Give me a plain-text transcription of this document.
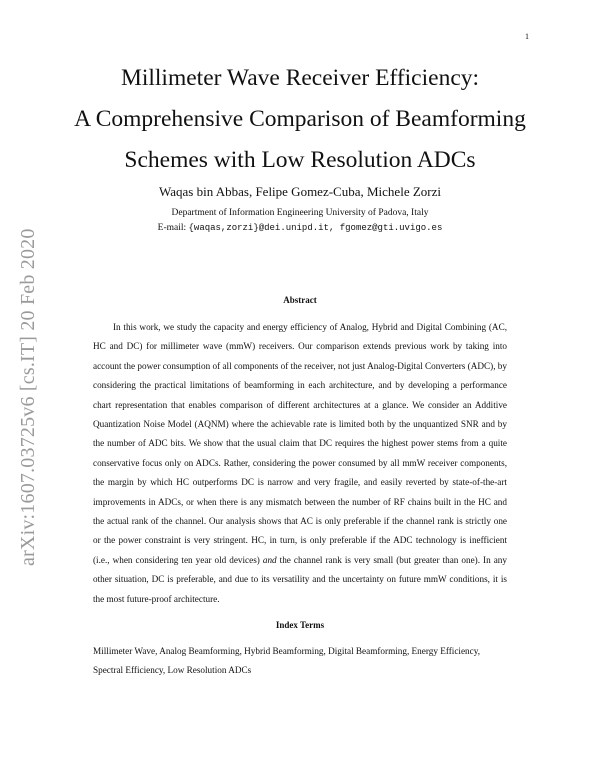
1
arXiv:1607.03725v6 [cs.IT] 20 Feb 2020
Millimeter Wave Receiver Efficiency:
A Comprehensive Comparison of Beamforming
Schemes with Low Resolution ADCs
Waqas bin Abbas, Felipe Gomez-Cuba, Michele Zorzi
Department of Information Engineering University of Padova, Italy
E-mail: {waqas,zorzi}@dei.unipd.it, fgomez@gti.uvigo.es
Abstract
In this work, we study the capacity and energy efficiency of Analog, Hybrid and Digital Combining (AC, HC and DC) for millimeter wave (mmW) receivers. Our comparison extends previous work by taking into account the power consumption of all components of the receiver, not just Analog-Digital Converters (ADC), by considering the practical limitations of beamforming in each architecture, and by developing a performance chart representation that enables comparison of different architectures at a glance. We consider an Additive Quantization Noise Model (AQNM) where the achievable rate is limited both by the unquantized SNR and by the number of ADC bits. We show that the usual claim that DC requires the highest power stems from a quite conservative focus only on ADCs. Rather, considering the power consumed by all mmW receiver components, the margin by which HC outperforms DC is narrow and very fragile, and easily reverted by state-of-the-art improvements in ADCs, or when there is any mismatch between the number of RF chains built in the HC and the actual rank of the channel. Our analysis shows that AC is only preferable if the channel rank is strictly one or the power constraint is very stringent. HC, in turn, is only preferable if the ADC technology is inefficient (i.e., when considering ten year old devices) and the channel rank is very small (but greater than one). In any other situation, DC is preferable, and due to its versatility and the uncertainty on future mmW conditions, it is the most future-proof architecture.
Index Terms
Millimeter Wave, Analog Beamforming, Hybrid Beamforming, Digital Beamforming, Energy Efficiency, Spectral Efficiency, Low Resolution ADCs
